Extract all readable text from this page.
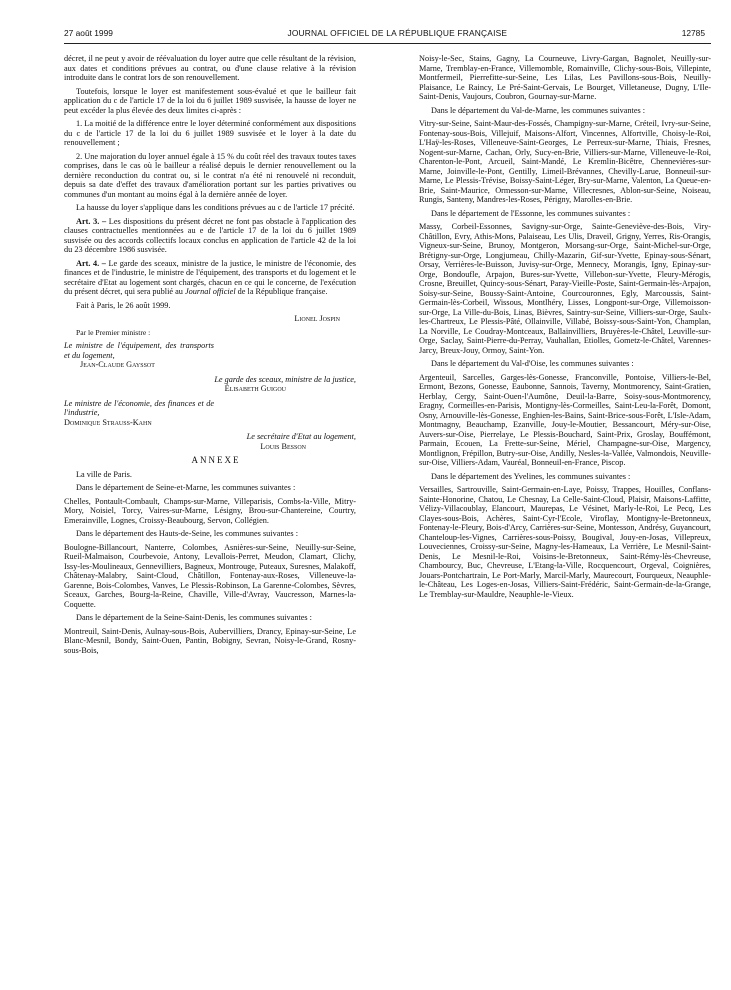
27 août 1999	JOURNAL OFFICIEL DE LA RÉPUBLIQUE FRANÇAISE	12785

décret, il ne peut y avoir de réévaluation du loyer autre que celle résultant de la révision, aux dates et conditions prévues au contrat, ou d'une clause relative à la révision introduite dans le contrat lors de son renouvellement.

Toutefois, lorsque le loyer est manifestement sous-évalué et que le bailleur fait application du c de l'article 17 de la loi du 6 juillet 1989 susvisée, la hausse de loyer ne peut excéder la plus élevée des deux limites ci-après :

1. La moitié de la différence entre le loyer déterminé conformément aux dispositions du c de l'article 17 de la loi du 6 juillet 1989 susvisée et le loyer à la date du renouvellement ;

2. Une majoration du loyer annuel égale à 15 % du coût réel des travaux toutes taxes comprises, dans le cas où le bailleur a réalisé depuis le dernier renouvellement ou la dernière reconduction du contrat ou, si le contrat n'a été ni renouvelé ni reconduit, depuis sa date d'effet des travaux d'amélioration portant sur les parties privatives ou communes d'un montant au moins égal à la dernière année de loyer.

La hausse du loyer s'applique dans les conditions prévues au c de l'article 17 précité.

Art. 3. – Les dispositions du présent décret ne font pas obstacle à l'application des clauses contractuelles mentionnées au e de l'article 17 de la loi du 6 juillet 1989 susvisée ou des accords collectifs locaux conclus en application de l'article 42 de la loi du 23 décembre 1986 susvisée.

Art. 4. – Le garde des sceaux, ministre de la justice, le ministre de l'économie, des finances et de l'industrie, le ministre de l'équipement, des transports et du logement et le secrétaire d'Etat au logement sont chargés, chacun en ce qui le concerne, de l'exécution du présent décret, qui sera publié au Journal officiel de la République française.

Fait à Paris, le 26 août 1999.

Lionel Jospin

Par le Premier ministre :

Le ministre de l'équipement, des transports et du logement,
Jean-Claude Gayssot
Le garde des sceaux, ministre de la justice,
Élisabeth Guigou
Le ministre de l'économie, des finances et de l'industrie,
Dominique Strauss-Kahn
Le secrétaire d'Etat au logement,
Louis Besson

ANNEXE

La ville de Paris.

Dans le département de Seine-et-Marne, les communes suivantes :

Chelles, Pontault-Combault, Champs-sur-Marne, Villeparisis, Combs-la-Ville, Mitry-Mory, Noisiel, Torcy, Vaires-sur-Marne, Lésigny, Brou-sur-Chantereine, Courtry, Emerainville, Lognes, Croissy-Beaubourg, Servon, Collégien.

Dans le département des Hauts-de-Seine, les communes suivantes :

Boulogne-Billancourt, Nanterre, Colombes, Asnières-sur-Seine, Neuilly-sur-Seine, Rueil-Malmaison, Courbevoie, Antony, Levallois-Perret, Meudon, Clamart, Clichy, Issy-les-Moulineaux, Gennevilliers, Bagneux, Montrouge, Puteaux, Suresnes, Malakoff, Châtenay-Malabry, Saint-Cloud, Châtillon, Fontenay-aux-Roses, Villeneuve-la-Garenne, Bois-Colombes, Vanves, Le Plessis-Robinson, La Garenne-Colombes, Sèvres, Sceaux, Garches, Bourg-la-Reine, Chaville, Ville-d'Avray, Vaucresson, Marnes-la-Coquette.

Dans le département de la Seine-Saint-Denis, les communes suivantes :

Montreuil, Saint-Denis, Aulnay-sous-Bois, Aubervilliers, Drancy, Epinay-sur-Seine, Le Blanc-Mesnil, Bondy, Saint-Ouen, Pantin, Bobigny, Sevran, Noisy-le-Grand, Rosny-sous-Bois,

Noisy-le-Sec, Stains, Gagny, La Courneuve, Livry-Gargan, Bagnolet, Neuilly-sur-Marne, Tremblay-en-France, Villemomble, Romainville, Clichy-sous-Bois, Villepinte, Montfermeil, Pierrefitte-sur-Seine, Les Lilas, Les Pavillons-sous-Bois, Neuilly-Plaisance, Le Raincy, Le Pré-Saint-Gervais, Le Bourget, Villetaneuse, Dugny, L'Ile-Saint-Denis, Vaujours, Coubron, Gournay-sur-Marne.

Dans le département du Val-de-Marne, les communes suivantes :

Vitry-sur-Seine, Saint-Maur-des-Fossés, Champigny-sur-Marne, Créteil, Ivry-sur-Seine, Fontenay-sous-Bois, Villejuif, Maisons-Alfort, Vincennes, Alfortville, Choisy-le-Roi, L'Haÿ-les-Roses, Villeneuve-Saint-Georges, Le Perreux-sur-Marne, Thiais, Fresnes, Nogent-sur-Marne, Cachan, Orly, Sucy-en-Brie, Villiers-sur-Marne, Villeneuve-le-Roi, Charenton-le-Pont, Arcueil, Saint-Mandé, Le Kremlin-Bicêtre, Chennevières-sur-Marne, Joinville-le-Pont, Gentilly, Limeil-Brévannes, Chevilly-Larue, Bonneuil-sur-Marne, Le Plessis-Trévise, Boissy-Saint-Léger, Bry-sur-Marne, Valenton, La Queue-en-Brie, Saint-Maurice, Ormesson-sur-Marne, Villecresnes, Ablon-sur-Seine, Noiseau, Rungis, Santeny, Mandres-les-Roses, Périgny, Marolles-en-Brie.

Dans le département de l'Essonne, les communes suivantes :

Massy, Corbeil-Essonnes, Savigny-sur-Orge, Sainte-Geneviève-des-Bois, Viry-Châtillon, Evry, Athis-Mons, Palaiseau, Les Ulis, Draveil, Grigny, Yerres, Ris-Orangis, Vigneux-sur-Seine, Brunoy, Montgeron, Morsang-sur-Orge, Saint-Michel-sur-Orge, Brétigny-sur-Orge, Longjumeau, Chilly-Mazarin, Gif-sur-Yvette, Epinay-sous-Sénart, Orsay, Verrières-le-Buisson, Juvisy-sur-Orge, Mennecy, Morangis, Igny, Epinay-sur-Orge, Bondoufle, Arpajon, Bures-sur-Yvette, Villebon-sur-Yvette, Fleury-Mérogis, Crosne, Breuillet, Quincy-sous-Sénart, Paray-Vieille-Poste, Saint-Germain-lès-Arpajon, Soisy-sur-Seine, Boussy-Saint-Antoine, Courcouronnes, Egly, Marcoussis, Saint-Germain-lès-Corbeil, Wissous, Montlhéry, Lisses, Longpont-sur-Orge, Villemoisson-sur-Orge, La Ville-du-Bois, Linas, Bièvres, Saintry-sur-Seine, Villiers-sur-Orge, Saulx-les-Chartreux, Le Plessis-Pâté, Ollainville, Villabé, Boissy-sous-Saint-Yon, Champlan, La Norville, Le Coudray-Montceaux, Ballainvilliers, Bruyères-le-Châtel, Leuville-sur-Orge, Saclay, Saint-Pierre-du-Perray, Vauhallan, Etiolles, Gometz-le-Châtel, Varennes-Jarcy, Breux-Jouy, Ormoy, Saint-Yon.

Dans le département du Val-d'Oise, les communes suivantes :

Argenteuil, Sarcelles, Garges-lès-Gonesse, Franconville, Pontoise, Villiers-le-Bel, Ermont, Bezons, Gonesse, Eaubonne, Sannois, Taverny, Montmorency, Saint-Gratien, Herblay, Cergy, Saint-Ouen-l'Aumône, Deuil-la-Barre, Soisy-sous-Montmorency, Eragny, Cormeilles-en-Parisis, Montigny-lès-Cormeilles, Saint-Leu-la-Forêt, Domont, Osny, Arnouville-lès-Gonesse, Enghien-les-Bains, Saint-Brice-sous-Forêt, L'Isle-Adam, Montmagny, Beauchamp, Ezanville, Jouy-le-Moutier, Bessancourt, Méry-sur-Oise, Auvers-sur-Oise, Pierrelaye, Le Plessis-Bouchard, Saint-Prix, Groslay, Bouffémont, Parmain, Ecouen, La Frette-sur-Seine, Mériel, Champagne-sur-Oise, Margency, Montlignon, Frépillon, Butry-sur-Oise, Andilly, Nesles-la-Vallée, Valmondois, Neuville-sur-Oise, Villiers-Adam, Vauréal, Bonneuil-en-France, Piscop.

Dans le département des Yvelines, les communes suivantes :

Versailles, Sartrouville, Saint-Germain-en-Laye, Poissy, Trappes, Houilles, Conflans-Sainte-Honorine, Chatou, Le Chesnay, La Celle-Saint-Cloud, Plaisir, Maisons-Laffitte, Vélizy-Villacoublay, Elancourt, Maurepas, Le Vésinet, Marly-le-Roi, Le Pecq, Les Clayes-sous-Bois, Achères, Saint-Cyr-l'Ecole, Viroflay, Montigny-le-Bretonneux, Fontenay-le-Fleury, Bois-d'Arcy, Carrières-sur-Seine, Montesson, Andrésy, Guyancourt, Chanteloup-les-Vignes, Carrières-sous-Poissy, Bougival, Jouy-en-Josas, Villepreux, Louveciennes, Croissy-sur-Seine, Magny-les-Hameaux, La Verrière, Le Mesnil-Saint-Denis, Le Mesnil-le-Roi, Voisins-le-Bretonneux, Saint-Rémy-lès-Chevreuse, Chambourcy, Buc, Chevreuse, L'Etang-la-Ville, Rocquencourt, Orgeval, Coignières, Jouars-Pontchartrain, Le Port-Marly, Marcil-Marly, Maurecourt, Fourqueux, Neauphle-le-Château, Les Loges-en-Josas, Villiers-Saint-Frédéric, Saint-Germain-de-la-Grange, Le Tremblay-sur-Mauldre, Neauphle-le-Vieux.
